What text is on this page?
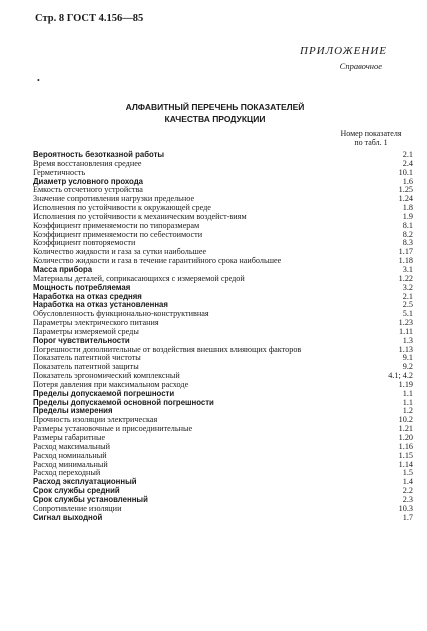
Стр. 8 ГОСТ 4.156—85
ПРИЛОЖЕНИЕ
Справочное
•
АЛФАВИТНЫЙ ПЕРЕЧЕНЬ ПОКАЗАТЕЛЕЙ
КАЧЕСТВА ПРОДУКЦИИ
Номер показателя
по табл. 1
Вероятность безотказной работы	2.1
Время восстановления среднее	2.4
Герметичность	10.1
Диаметр условного прохода	1.6
Емкость отсчетного устройства	1.25
Значение сопротивления нагрузки предельное	1.24
Исполнения по устойчивости к окружающей среде	1.8
Исполнения по устойчивости к механическим воздейст-виям	1.9
Коэффициент применяемости по типоразмерам	8.1
Коэффициент применяемости по себестоимости	8.2
Коэффициент повторяемости	8.3
Количество жидкости и газа за сутки наибольшее	1.17
Количество жидкости и газа в течение гарантийного срока наибольшее	1.18
Масса прибора	3.1
Материалы деталей, соприкасающихся с измеряемой средой	1.22
Мощность потребляемая	3.2
Наработка на отказ средняя	2.1
Наработка на отказ установленная	2.5
Обусловленность функционально-конструктивная	5.1
Параметры электрического питания	1.23
Параметры измеряемой среды	1.11
Порог чувствительности	1.3
Погрешности дополнительные от воздействия внешних влияющих факторов	1.13
Показатель патентной чистоты	9.1
Показатель патентной защиты	9.2
Показатель эргономический комплексный	4.1; 4.2
Потеря давления при максимальном расходе	1.19
Пределы допускаемой погрешности	1.1
Пределы допускаемой основной погрешности	1.1
Пределы измерения	1.2
Прочность изоляции электрическая	10.2
Размеры установочные и присоединительные	1.21
Размеры габаритные	1.20
Расход максимальный	1.16
Расход номинальный	1.15
Расход минимальный	1.14
Расход переходный	1.5
Расход эксплуатационный	1.4
Срок службы средний	2.2
Срок службы установленный	2.3
Сопротивление изоляции	10.3
Сигнал выходной	1.7
